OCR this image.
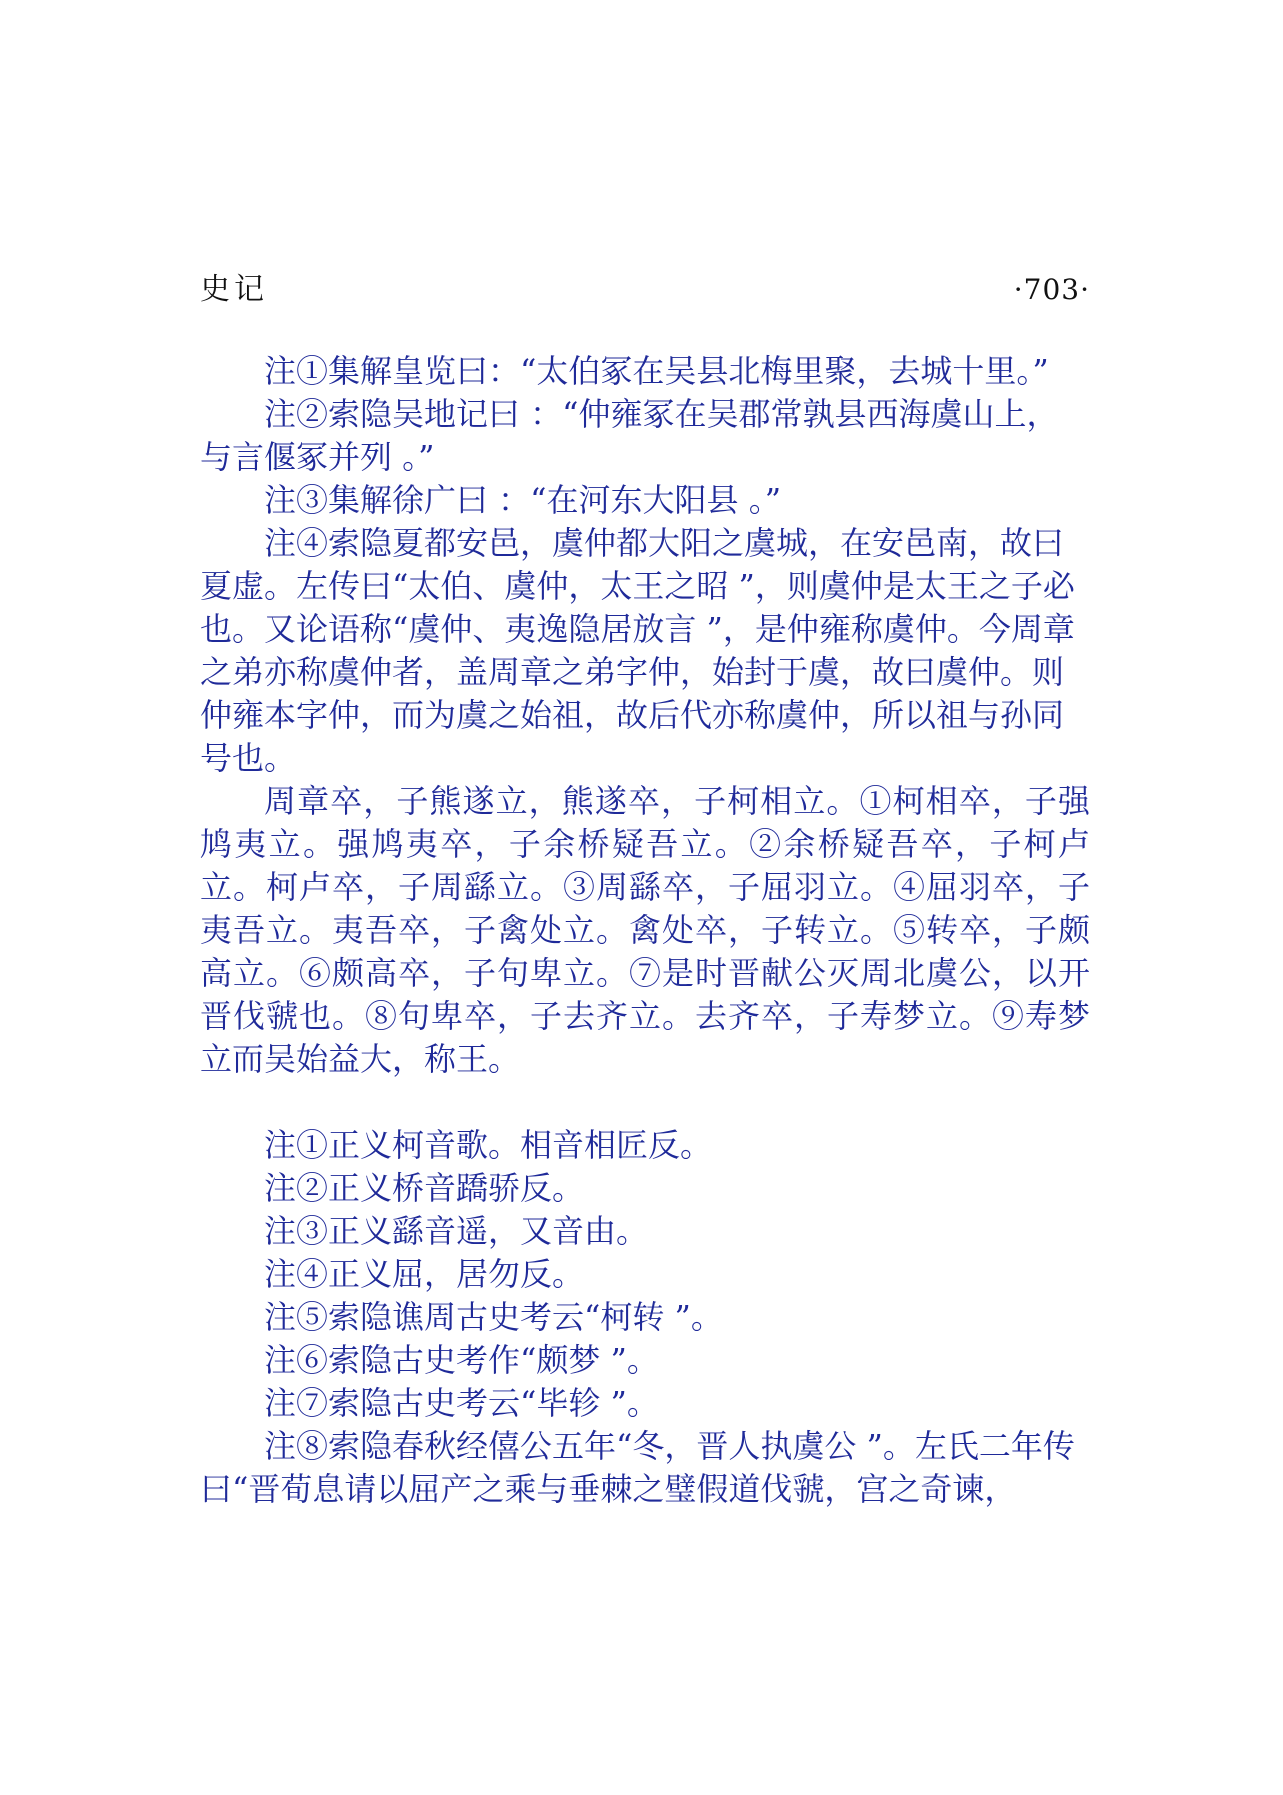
史记	·703·

注①集解皇览曰：“太伯冢在吴县北梅里聚，去城十里。”

注②索隐吴地记曰 ：“仲雍冢在吴郡常孰县西海虞山上，与言偃冢并列 。”

注③集解徐广曰 ：“在河东大阳县 。”

注④索隐夏都安邑，虞仲都大阳之虞城，在安邑南，故曰夏虚。左传曰“太伯、虞仲，太王之昭 ”，则虞仲是太王之子必也。又论语称“虞仲、夷逸隐居放言 ”，是仲雍称虞仲。今周章之弟亦称虞仲者，盖周章之弟字仲，始封于虞，故曰虞仲。则仲雍本字仲，而为虞之始祖，故后代亦称虞仲，所以祖与孙同号也。

周章卒，子熊遂立，熊遂卒，子柯相立。①柯相卒，子强鸠夷立。强鸠夷卒，子余桥疑吾立。②余桥疑吾卒，子柯卢立。柯卢卒，子周繇立。③周繇卒，子屈羽立。④屈羽卒，子夷吾立。夷吾卒，子禽处立。禽处卒，子转立。⑤转卒，子颇高立。⑥颇高卒，子句卑立。⑦是时晋献公灭周北虞公，以开晋伐虢也。⑧句卑卒，子去齐立。去齐卒，子寿梦立。⑨寿梦立而吴始益大，称王。

注①正义柯音歌。相音相匠反。

注②正义桥音蹻骄反。

注③正义繇音遥，又音由。

注④正义屈，居勿反。

注⑤索隐谯周古史考云“柯转 ”。

注⑥索隐古史考作“颇梦 ”。

注⑦索隐古史考云“毕轸 ”。

注⑧索隐春秋经僖公五年“冬，晋人执虞公 ”。左氏二年传曰“晋荀息请以屈产之乘与垂棘之璧假道伐虢，宫之奇谏，
